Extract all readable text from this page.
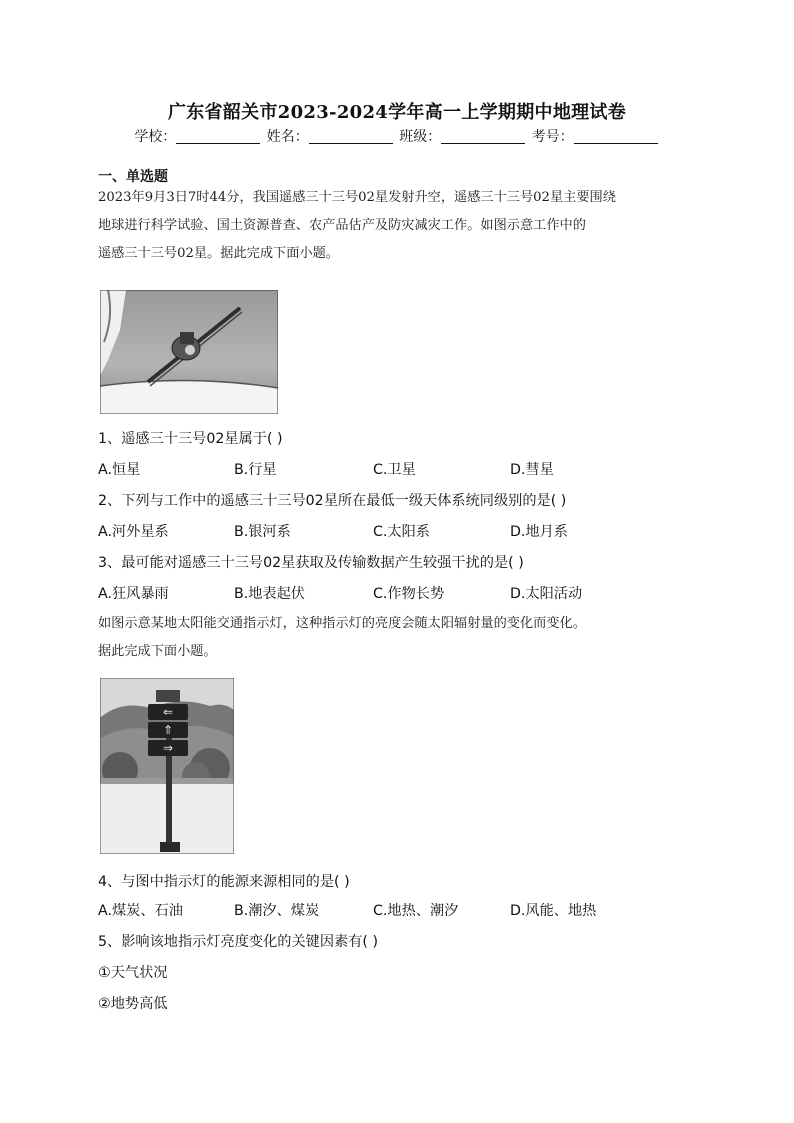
广东省韶关市2023-2024学年高一上学期期中地理试卷
学校：	姓名：	班级：	考号：
一、单选题
2023年9月3日7时44分，我国遥感三十三号02星发射升空，遥感三十三号02星主要围绕
地球进行科学试验、国土资源普查、农产品估产及防灾减灾工作。如图示意工作中的
遥感三十三号02星。据此完成下面小题。
1、遥感三十三号02星属于( )
A.恒星	B.行星	C.卫星	D.彗星
2、下列与工作中的遥感三十三号02星所在最低一级天体系统同级别的是( )
A.河外星系	B.银河系	C.太阳系	D.地月系
3、最可能对遥感三十三号02星获取及传输数据产生较强干扰的是( )
A.狂风暴雨	B.地表起伏	C.作物长势	D.太阳活动
如图示意某地太阳能交通指示灯，这种指示灯的亮度会随太阳辐射量的变化而变化。
据此完成下面小题。
⇐
⇑
⇒
4、与图中指示灯的能源来源相同的是( )
A.煤炭、石油	B.潮汐、煤炭	C.地热、潮汐	D.风能、地热
5、影响该地指示灯亮度变化的关键因素有( )
①天气状况
②地势高低
